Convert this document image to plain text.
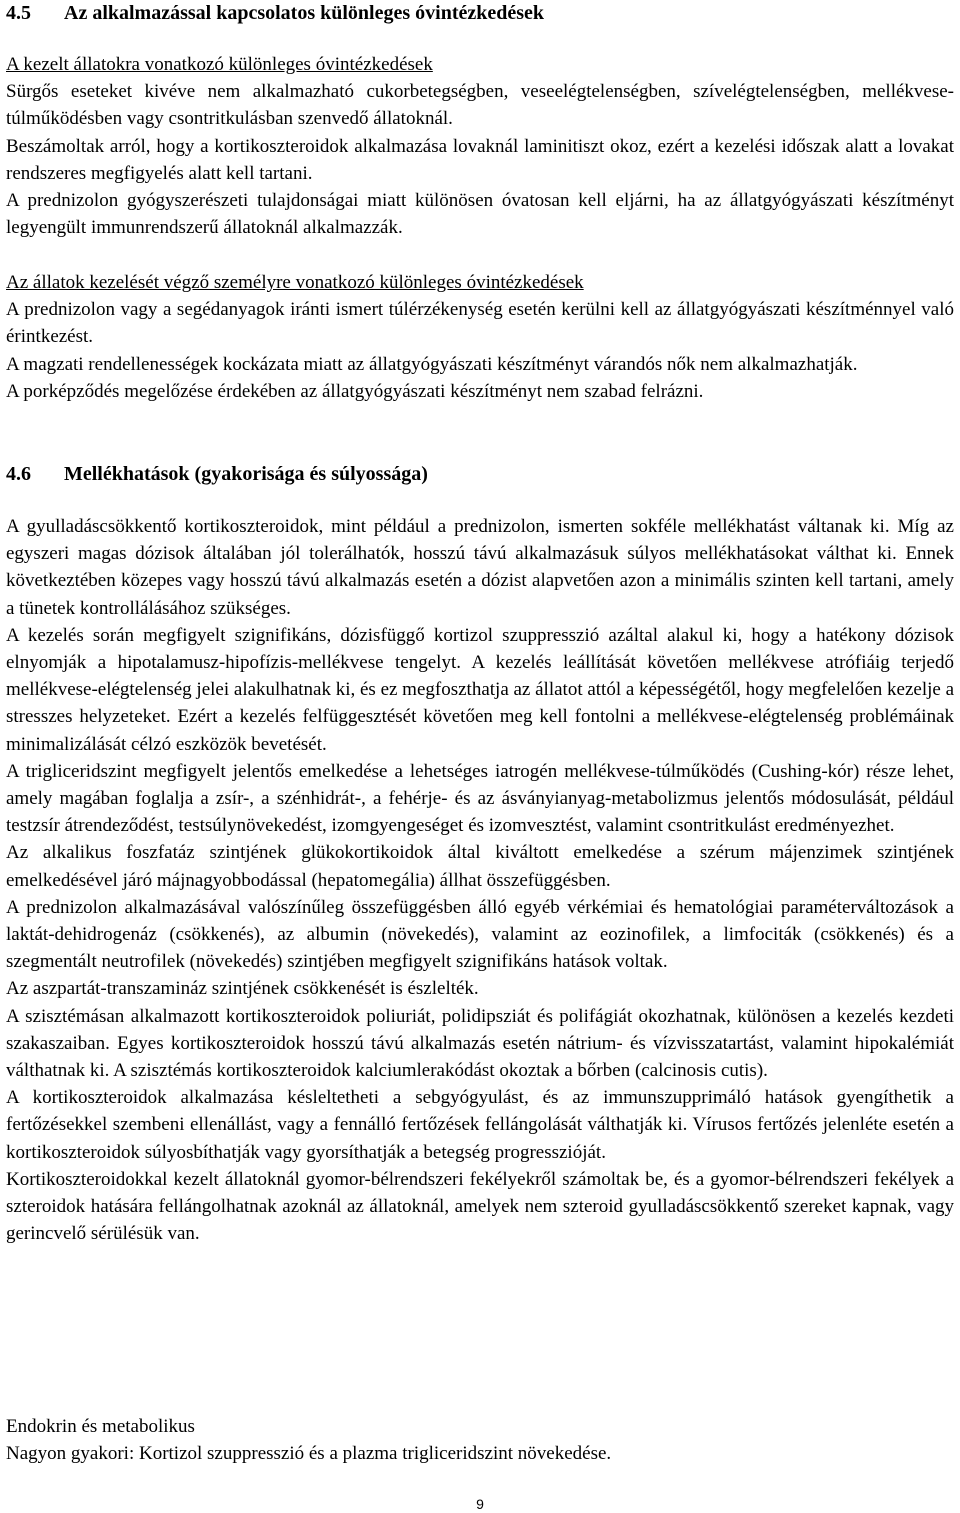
4.5 Az alkalmazással kapcsolatos különleges óvintézkedések

A kezelt állatokra vonatkozó különleges óvintézkedések

Sürgős eseteket kivéve nem alkalmazható cukorbetegségben, veseelégtelenségben, szívelégtelenségben, mellékvese-túlműködésben vagy csontritkulásban szenvedő állatoknál.

Beszámoltak arról, hogy a kortikoszteroidok alkalmazása lovaknál laminitiszt okoz, ezért a kezelési időszak alatt a lovakat rendszeres megfigyelés alatt kell tartani.

A prednizolon gyógyszerészeti tulajdonságai miatt különösen óvatosan kell eljárni, ha az állatgyógyászati készítményt legyengült immunrendszerű állatoknál alkalmazzák.

Az állatok kezelését végző személyre vonatkozó különleges óvintézkedések

A prednizolon vagy a segédanyagok iránti ismert túlérzékenység esetén kerülni kell az állatgyógyászati készítménnyel való érintkezést.

A magzati rendellenességek kockázata miatt az állatgyógyászati készítményt várandós nők nem alkalmazhatják.

A porképződés megelőzése érdekében az állatgyógyászati készítményt nem szabad felrázni.

4.6 Mellékhatások (gyakorisága és súlyossága)

A gyulladáscsökkentő kortikoszteroidok, mint például a prednizolon, ismerten sokféle mellékhatást váltanak ki. Míg az egyszeri magas dózisok általában jól tolerálhatók, hosszú távú alkalmazásuk súlyos mellékhatásokat válthat ki. Ennek következtében közepes vagy hosszú távú alkalmazás esetén a dózist alapvetően azon a minimális szinten kell tartani, amely a tünetek kontrollálásához szükséges.

A kezelés során megfigyelt szignifikáns, dózisfüggő kortizol szuppresszió azáltal alakul ki, hogy a hatékony dózisok elnyomják a hipotalamusz-hipofízis-mellékvese tengelyt. A kezelés leállítását követően mellékvese atrófiáig terjedő mellékvese-elégtelenség jelei alakulhatnak ki, és ez megfoszthatja az állatot attól a képességétől, hogy megfelelően kezelje a stresszes helyzeteket. Ezért a kezelés felfüggesztését követően meg kell fontolni a mellékvese-elégtelenség problémáinak minimalizálását célzó eszközök bevetését.

A trigliceridszint megfigyelt jelentős emelkedése a lehetséges iatrogén mellékvese-túlműködés (Cushing-kór) része lehet, amely magában foglalja a zsír-, a szénhidrát-, a fehérje- és az ásványianyag-metabolizmus jelentős módosulását, például testzsír átrendeződést, testsúlynövekedést, izomgyengeséget és izomvesztést, valamint csontritkulást eredményezhet.

Az alkalikus foszfatáz szintjének glükokortikoidok által kiváltott emelkedése a szérum májenzimek szintjének emelkedésével járó májnagyobbodással (hepatomegália) állhat összefüggésben.

A prednizolon alkalmazásával valószínűleg összefüggésben álló egyéb vérkémiai és hematológiai paraméterváltozások a laktát-dehidrogenáz (csökkenés), az albumin (növekedés), valamint az eozinofilek, a limfociták (csökkenés) és a szegmentált neutrofilek (növekedés) szintjében megfigyelt szignifikáns hatások voltak.

Az aszpartát-transzamináz szintjének csökkenését is észlelték.

A szisztémásan alkalmazott kortikoszteroidok poliuriát, polidipsziát és polifágiát okozhatnak, különösen a kezelés kezdeti szakaszaiban. Egyes kortikoszteroidok hosszú távú alkalmazás esetén nátrium- és vízvisszatartást, valamint hipokalémiát válthatnak ki. A szisztémás kortikoszteroidok kalciumlerakódást okoztak a bőrben (calcinosis cutis).

A kortikoszteroidok alkalmazása késleltetheti a sebgyógyulást, és az immunszupprimáló hatások gyengíthetik a fertőzésekkel szembeni ellenállást, vagy a fennálló fertőzések fellángolását válthatják ki. Vírusos fertőzés jelenléte esetén a kortikoszteroidok súlyosbíthatják vagy gyorsíthatják a betegség progresszióját.

Kortikoszteroidokkal kezelt állatoknál gyomor-bélrendszeri fekélyekről számoltak be, és a gyomor-bélrendszeri fekélyek a szteroidok hatására fellángolhatnak azoknál az állatoknál, amelyek nem szteroid gyulladáscsökkentő szereket kapnak, vagy gerincvelő sérülésük van.

Endokrin és metabolikus

Nagyon gyakori: Kortizol szuppresszió és a plazma trigliceridszint növekedése.

9
